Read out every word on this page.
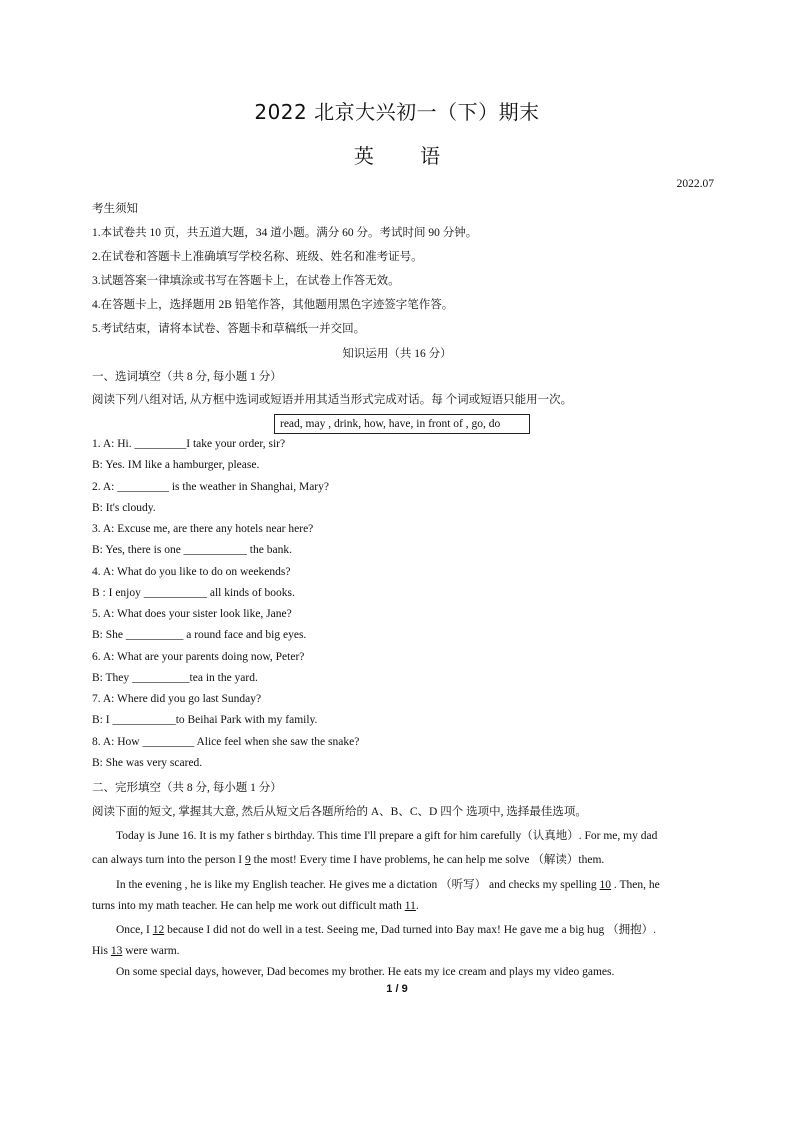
2022 北京大兴初一（下）期末
英 语
2022.07
考生须知
1.本试卷共 10 页，共五道大题，34 道小题。满分 60 分。考试时间 90 分钟。
2.在试卷和答题卡上准确填写学校名称、班级、姓名和准考证号。
3.试题答案一律填涂或书写在答题卡上，在试卷上作答无效。
4.在答题卡上，选择题用 2B 铅笔作答，其他题用黑色字迹签字笔作答。
5.考试结束，请将本试卷、答题卡和草稿纸一并交回。
知识运用（共 16 分）
一、选词填空（共 8 分, 每小题 1 分）
阅读下列八组对话, 从方框中选词或短语并用其适当形式完成对话。每 个词或短语只能用一次。
read, may , drink, how, have, in front of , go, do
1. A: Hi. _________I take your order, sir?
B: Yes. IM like a hamburger, please.
2. A: _________ is the weather in Shanghai, Mary?
B: It's cloudy.
3. A: Excuse me, are there any hotels near here?
B: Yes, there is one ___________ the bank.
4. A: What do you like to do on weekends?
B : I enjoy ___________ all kinds of books.
5. A: What does your sister look like, Jane?
B: She __________ a round face and big eyes.
6. A: What are your parents doing now, Peter?
B: They __________tea in the yard.
7. A: Where did you go last Sunday?
B: I ___________to Beihai Park with my family.
8. A: How _________ Alice feel when she saw the snake?
B: She was very scared.
二、完形填空（共 8 分, 每小题 1 分）
阅读下面的短文, 掌握其大意, 然后从短文后各题所给的 A、B、C、D 四个 选项中, 选择最佳选项。
Today is June 16. It is my father s birthday. This time I'll prepare a gift for him carefully（认真地）. For me, my dad
can always turn into the person I 9 the most! Every time I have problems, he can help me solve （解读）them.
In the evening , he is like my English teacher. He gives me a dictation （听写） and checks my spelling 10 . Then, he
turns into my math teacher. He can help me work out difficult math 11.
Once, I 12 because I did not do well in a test. Seeing me, Dad turned into Bay max! He gave me a big hug （拥抱）.
His 13 were warm.
On some special days, however, Dad becomes my brother. He eats my ice cream and plays my video games.
1 / 9
